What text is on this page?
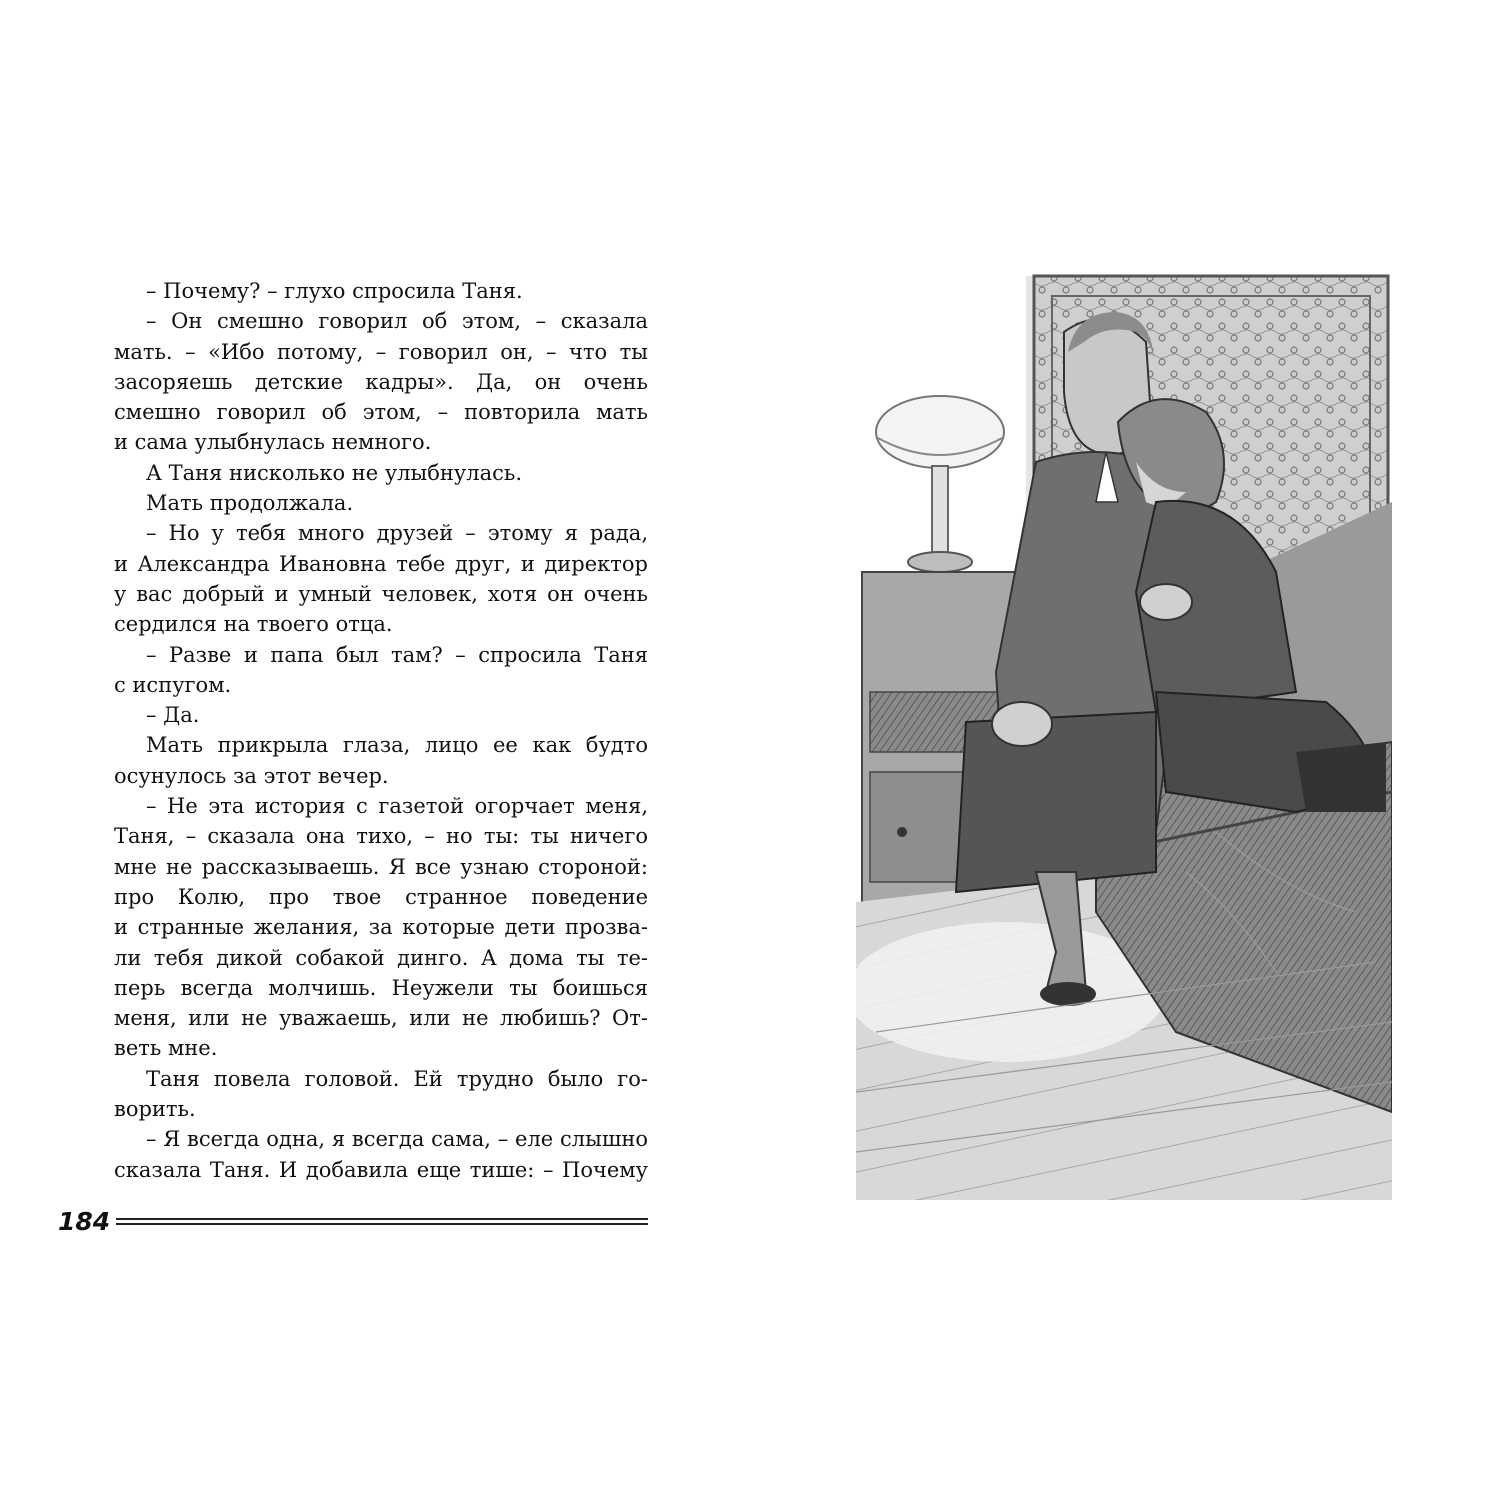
– Почему? – глухо спросила Таня.
– Он смешно говорил об этом, – сказала
мать. – «Ибо потому, – говорил он, – что ты
засоряешь детские кадры». Да, он очень
смешно говорил об этом, – повторила мать
и сама улыбнулась немного.
А Таня нисколько не улыбнулась.
Мать продолжала.
– Но у тебя много друзей – этому я рада,
и Александра Ивановна тебе друг, и директор
у вас добрый и умный человек, хотя он очень
сердился на твоего отца.
– Разве и папа был там? – спросила Таня
с испугом.
– Да.
Мать прикрыла глаза, лицо ее как будто
осунулось за этот вечер.
– Не эта история с газетой огорчает меня,
Таня, – сказала она тихо, – но ты: ты ничего
мне не рассказываешь. Я все узнаю стороной:
про Колю, про твое странное поведение
и странные желания, за которые дети прозва-
ли тебя дикой собакой динго. А дома ты те-
перь всегда молчишь. Неужели ты боишься
меня, или не уважаешь, или не любишь? От-
веть мне.
Таня повела головой. Ей трудно было го-
ворить.
– Я всегда одна, я всегда сама, – еле слышно
сказала Таня. И добавила еще тише: – Почему
184
